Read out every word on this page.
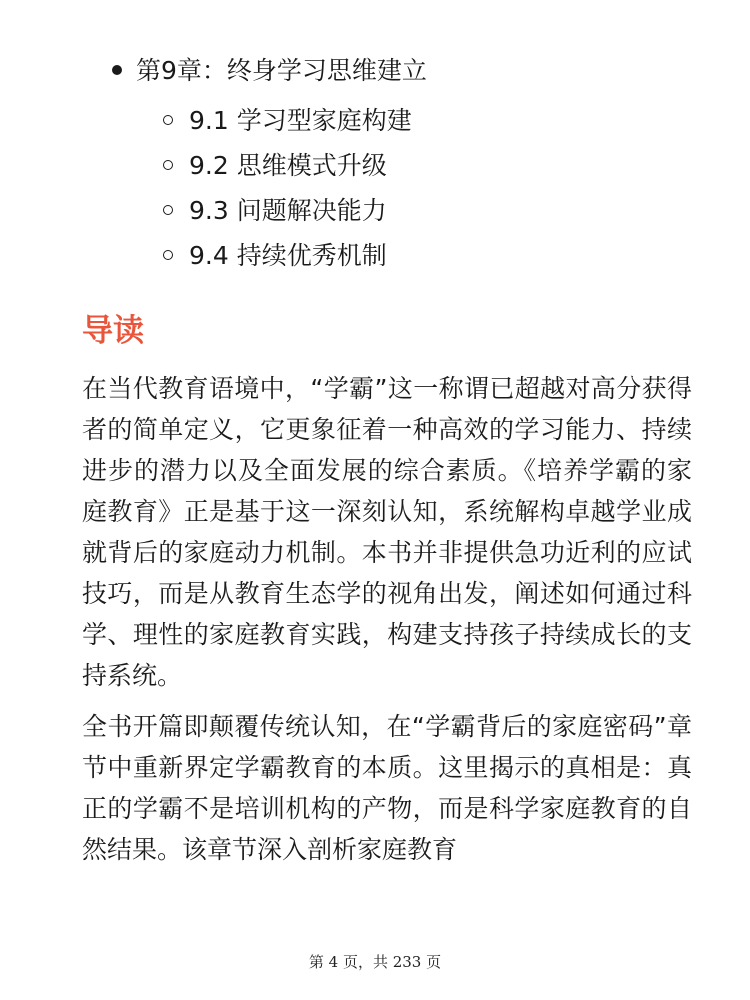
第9章：终身学习思维建立
9.1 学习型家庭构建
9.2 思维模式升级
9.3 问题解决能力
9.4 持续优秀机制
导读

在当代教育语境中，“学霸”这一称谓已超越对高分获得者的简单定义，它更象征着一种高效的学习能力、持续进步的潜力以及全面发展的综合素质。《培养学霸的家庭教育》正是基于这一深刻认知，系统解构卓越学业成就背后的家庭动力机制。本书并非提供急功近利的应试技巧，而是从教育生态学的视角出发，阐述如何通过科学、理性的家庭教育实践，构建支持孩子持续成长的支持系统。

全书开篇即颠覆传统认知，在“学霸背后的家庭密码”章节中重新界定学霸教育的本质。这里揭示的真相是：真正的学霸不是培训机构的产物，而是科学家庭教育的自然结果。该章节深入剖析家庭教育

第 4 页，共 233 页
